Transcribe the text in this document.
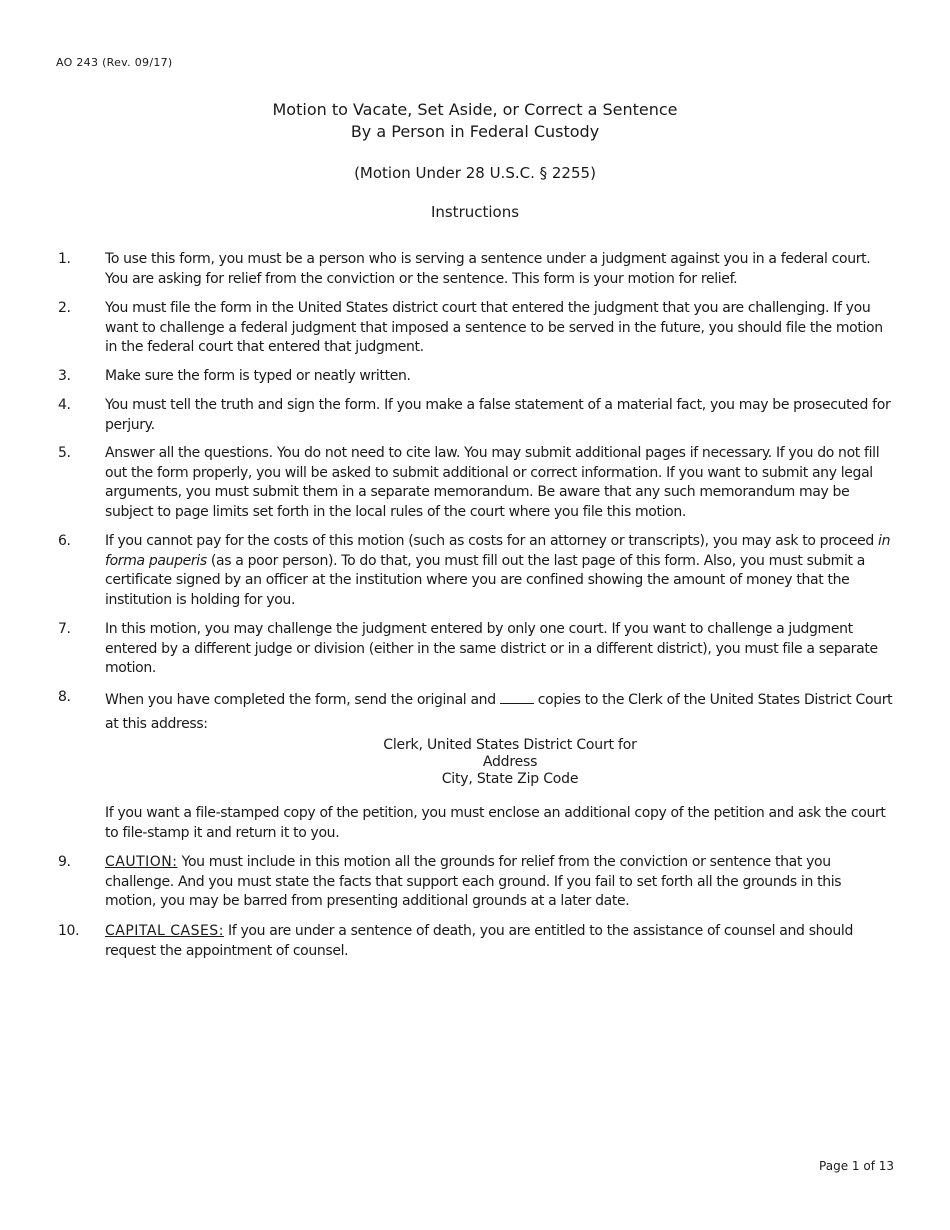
AO 243 (Rev. 09/17)
Motion to Vacate, Set Aside, or Correct a Sentence
By a Person in Federal Custody
(Motion Under 28 U.S.C. § 2255)
Instructions
1. To use this form, you must be a person who is serving a sentence under a judgment against you in a federal court. You are asking for relief from the conviction or the sentence. This form is your motion for relief.
2. You must file the form in the United States district court that entered the judgment that you are challenging. If you want to challenge a federal judgment that imposed a sentence to be served in the future, you should file the motion in the federal court that entered that judgment.
3. Make sure the form is typed or neatly written.
4. You must tell the truth and sign the form. If you make a false statement of a material fact, you may be prosecuted for perjury.
5. Answer all the questions. You do not need to cite law. You may submit additional pages if necessary. If you do not fill out the form properly, you will be asked to submit additional or correct information. If you want to submit any legal arguments, you must submit them in a separate memorandum. Be aware that any such memorandum may be subject to page limits set forth in the local rules of the court where you file this motion.
6. If you cannot pay for the costs of this motion (such as costs for an attorney or transcripts), you may ask to proceed in forma pauperis (as a poor person). To do that, you must fill out the last page of this form. Also, you must submit a certificate signed by an officer at the institution where you are confined showing the amount of money that the institution is holding for you.
7. In this motion, you may challenge the judgment entered by only one court. If you want to challenge a judgment entered by a different judge or division (either in the same district or in a different district), you must file a separate motion.
8. When you have completed the form, send the original and	copies to the Clerk of the United States District Court at this address:
Clerk, United States District Court for
Address
City, State Zip Code
If you want a file-stamped copy of the petition, you must enclose an additional copy of the petition and ask the court to file-stamp it and return it to you.
9. CAUTION: You must include in this motion all the grounds for relief from the conviction or sentence that you challenge. And you must state the facts that support each ground. If you fail to set forth all the grounds in this motion, you may be barred from presenting additional grounds at a later date.
10. CAPITAL CASES: If you are under a sentence of death, you are entitled to the assistance of counsel and should request the appointment of counsel.
Page 1 of 13
